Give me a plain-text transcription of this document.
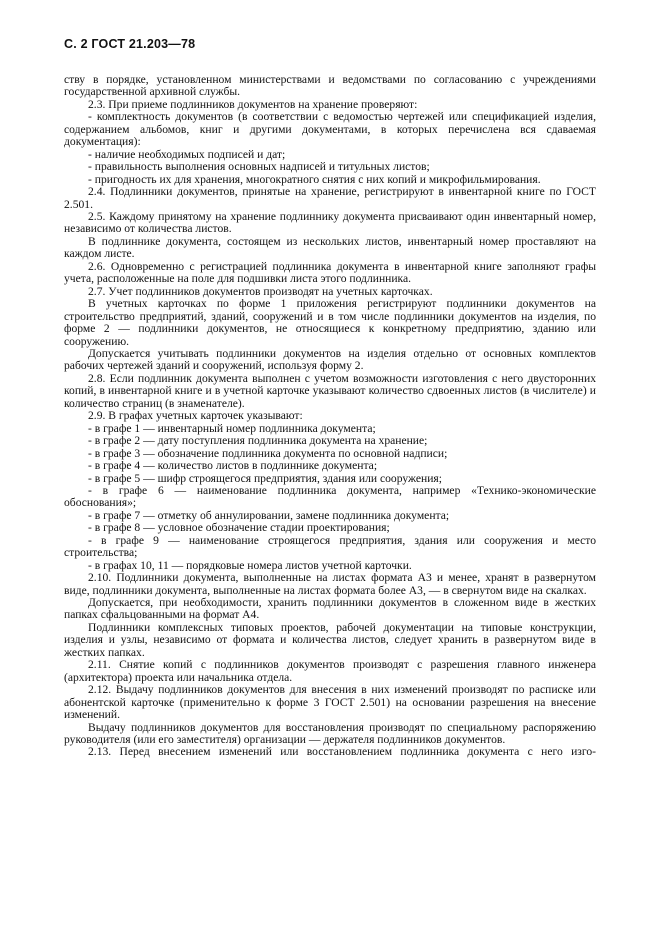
С. 2 ГОСТ 21.203—78

ству в порядке, установленном министерствами и ведомствами по согласованию с учреждениями государственной архивной службы.

2.3. При приеме подлинников документов на хранение проверяют:

- комплектность документов (в соответствии с ведомостью чертежей или спецификацией изделия, содержанием альбомов, книг и другими документами, в которых перечислена вся сдаваемая документация):

- наличие необходимых подписей и дат;

- правильность выполнения основных надписей и титульных листов;

- пригодность их для хранения, многократного снятия с них копий и микрофильмирования.

2.4. Подлинники документов, принятые на хранение, регистрируют в инвентарной книге по ГОСТ 2.501.

2.5. Каждому принятому на хранение подлиннику документа присваивают один инвентарный номер, независимо от количества листов.

В подлиннике документа, состоящем из нескольких листов, инвентарный номер проставляют на каждом листе.

2.6. Одновременно с регистрацией подлинника документа в инвентарной книге заполняют графы учета, расположенные на поле для подшивки листа этого подлинника.

2.7. Учет подлинников документов производят на учетных карточках.

В учетных карточках по форме 1 приложения регистрируют подлинники документов на строительство предприятий, зданий, сооружений и в том числе подлинники документов на изделия, по форме 2 — подлинники документов, не относящиеся к конкретному предприятию, зданию или сооружению.

Допускается учитывать подлинники документов на изделия отдельно от основных комплектов рабочих чертежей зданий и сооружений, используя форму 2.

2.8. Если подлинник документа выполнен с учетом возможности изготовления с него двусторонних копий, в инвентарной книге и в учетной карточке указывают количество сдвоенных листов (в числителе) и количество страниц (в знаменателе).

2.9. В графах учетных карточек указывают:

- в графе 1 — инвентарный номер подлинника документа;

- в графе 2 — дату поступления подлинника документа на хранение;

- в графе 3 — обозначение подлинника документа по основной надписи;

- в графе 4 — количество листов в подлиннике документа;

- в графе 5 — шифр строящегося предприятия, здания или сооружения;

- в графе 6 — наименование подлинника документа, например «Технико-экономические обоснования»;

- в графе 7 — отметку об аннулировании, замене подлинника документа;

- в графе 8 — условное обозначение стадии проектирования;

- в графе 9 — наименование строящегося предприятия, здания или сооружения и место строительства;

- в графах 10, 11 — порядковые номера листов учетной карточки.

2.10. Подлинники документа, выполненные на листах формата А3 и менее, хранят в развернутом виде, подлинники документа, выполненные на листах формата более А3, — в свернутом виде на скалках.

Допускается, при необходимости, хранить подлинники документов в сложенном виде в жестких папках сфальцованными на формат А4.

Подлинники комплексных типовых проектов, рабочей документации на типовые конструкции, изделия и узлы, независимо от формата и количества листов, следует хранить в развернутом виде в жестких папках.

2.11. Снятие копий с подлинников документов производят с разрешения главного инженера (архитектора) проекта или начальника отдела.

2.12. Выдачу подлинников документов для внесения в них изменений производят по расписке или абонентской карточке (применительно к форме 3 ГОСТ 2.501) на основании разрешения на внесение изменений.

Выдачу подлинников документов для восстановления производят по специальному распоряжению руководителя (или его заместителя) организации — держателя подлинников документов.

2.13. Перед внесением изменений или восстановлением подлинника документа с него изго-
